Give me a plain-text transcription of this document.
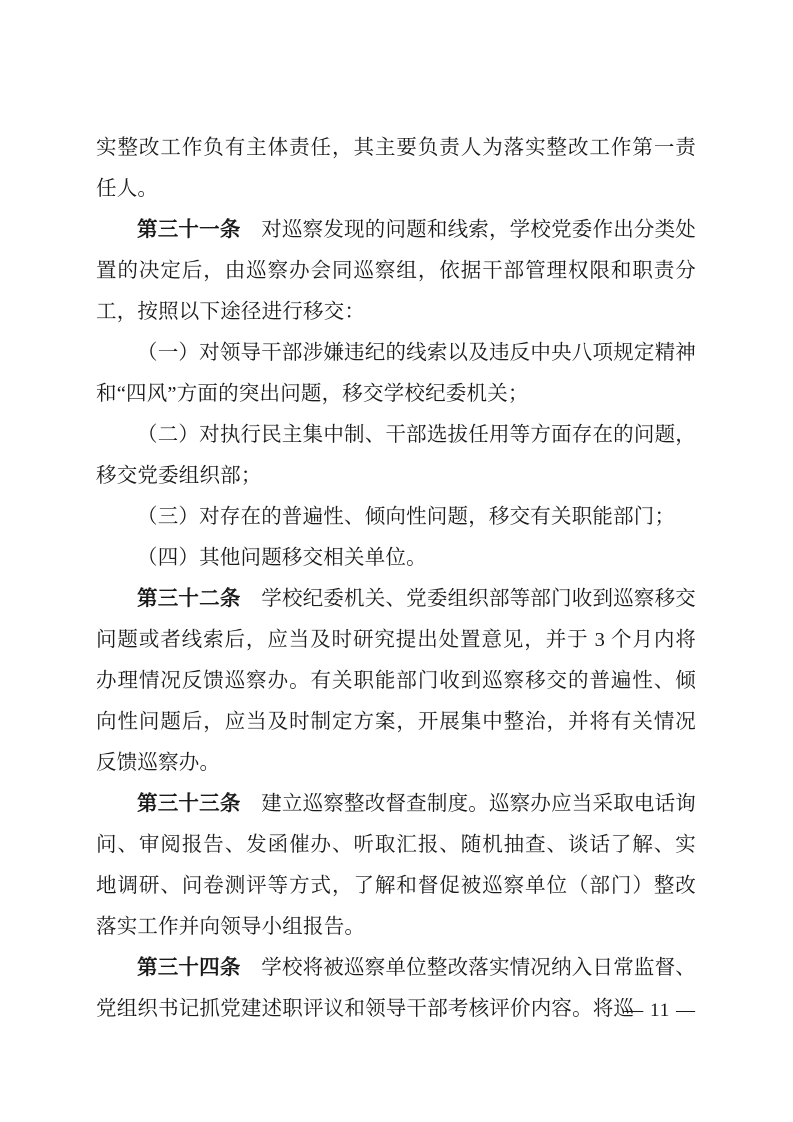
实整改工作负有主体责任，其主要负责人为落实整改工作第一责任人。

第三十一条　对巡察发现的问题和线索，学校党委作出分类处置的决定后，由巡察办会同巡察组，依据干部管理权限和职责分工，按照以下途径进行移交：

（一）对领导干部涉嫌违纪的线索以及违反中央八项规定精神和“四风”方面的突出问题，移交学校纪委机关；

（二）对执行民主集中制、干部选拔任用等方面存在的问题，移交党委组织部；

（三）对存在的普遍性、倾向性问题，移交有关职能部门；

（四）其他问题移交相关单位。

第三十二条　学校纪委机关、党委组织部等部门收到巡察移交问题或者线索后，应当及时研究提出处置意见，并于 3 个月内将办理情况反馈巡察办。有关职能部门收到巡察移交的普遍性、倾向性问题后，应当及时制定方案，开展集中整治，并将有关情况反馈巡察办。

第三十三条　建立巡察整改督查制度。巡察办应当采取电话询问、审阅报告、发函催办、听取汇报、随机抽查、谈话了解、实地调研、问卷测评等方式，了解和督促被巡察单位（部门）整改落实工作并向领导小组报告。

第三十四条　学校将被巡察单位整改落实情况纳入日常监督、党组织书记抓党建述职评议和领导干部考核评价内容。将巡

— 11 —
